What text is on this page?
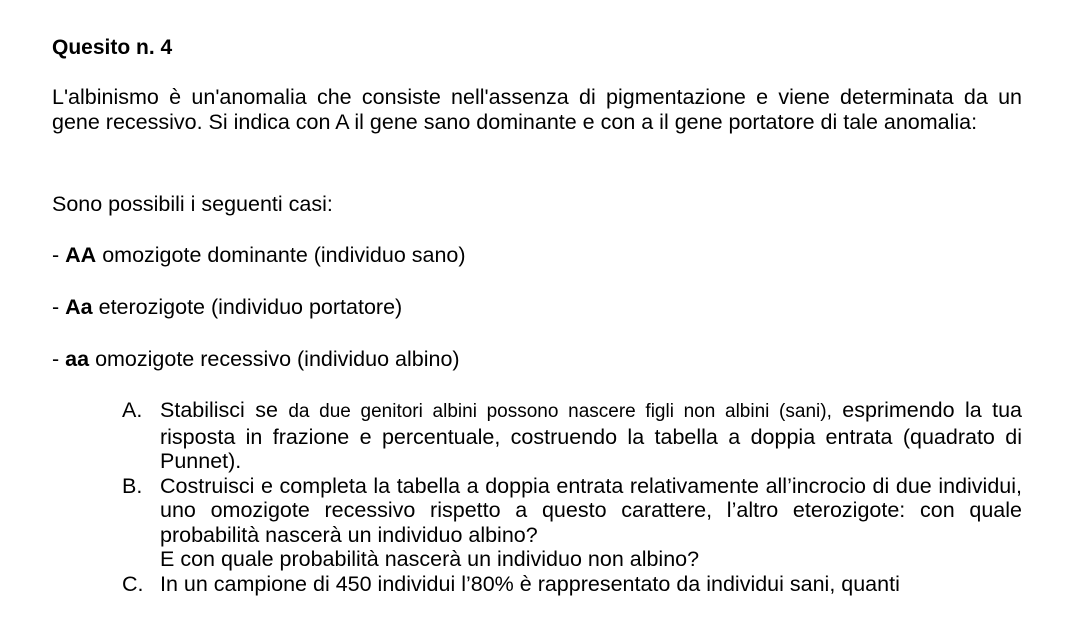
Quesito n. 4

L'albinismo è un'anomalia che consiste nell'assenza di pigmentazione e viene determinata da un gene recessivo. Si indica con A il gene sano dominante e con a il gene portatore di tale anomalia:

Sono possibili i seguenti casi:

- AA omozigote dominante (individuo sano)

- Aa eterozigote (individuo portatore)

- aa omozigote recessivo (individuo albino)

A. Stabilisci se da due genitori albini possono nascere figli non albini (sani), esprimendo la tua risposta in frazione e percentuale, costruendo la tabella a doppia entrata (quadrato di Punnet).
B. Costruisci e completa la tabella a doppia entrata relativamente all’incrocio di due individui, uno omozigote recessivo rispetto a questo carattere, l’altro eterozigote: con quale probabilità nascerà un individuo albino?
E con quale probabilità nascerà un individuo non albino?
C. In un campione di 450 individui l’80% è rappresentato da individui sani, quanti
